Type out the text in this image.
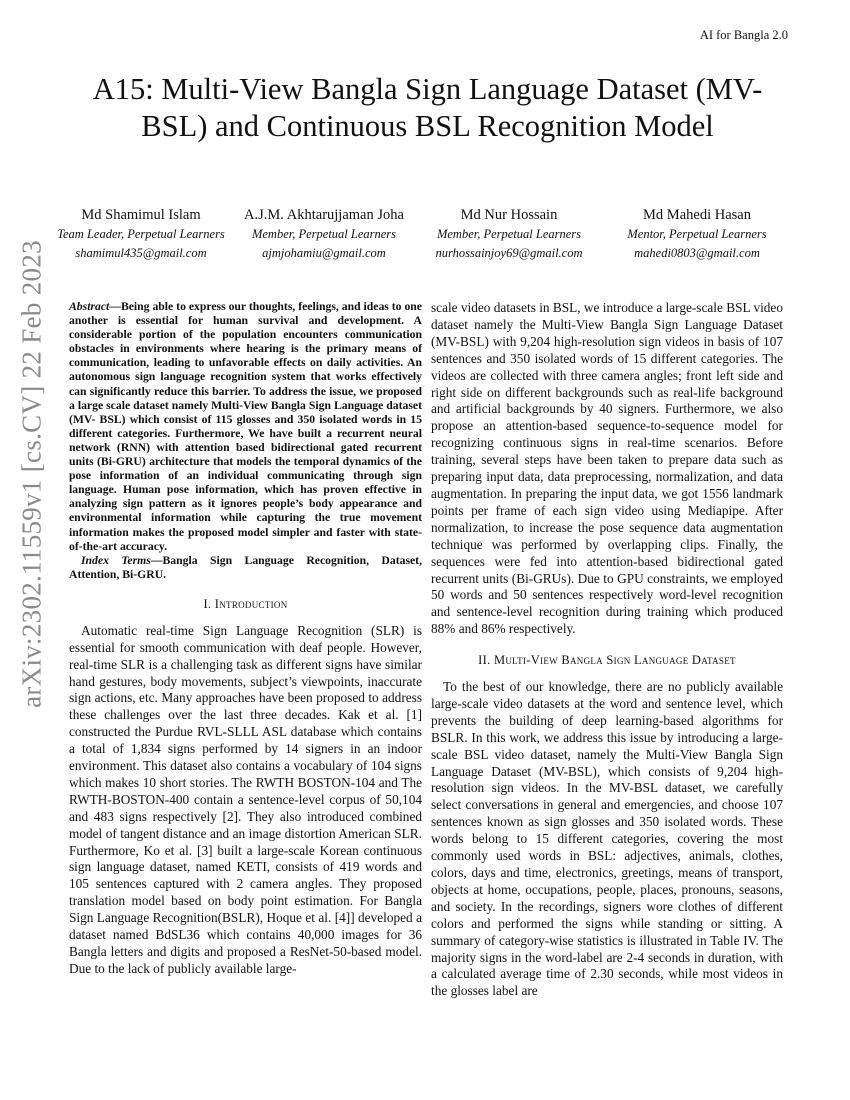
AI for Bangla 2.0
arXiv:2302.11559v1 [cs.CV] 22 Feb 2023
A15: Multi-View Bangla Sign Language Dataset (MV- BSL) and Continuous BSL Recognition Model
Md Shamimul Islam
Team Leader, Perpetual Learners
shamimul435@gmail.com
A.J.M. Akhtarujjaman Joha
Member, Perpetual Learners
ajmjohamiu@gmail.com
Md Nur Hossain
Member, Perpetual Learners
nurhossainjoy69@gmail.com
Md Mahedi Hasan
Mentor, Perpetual Learners
mahedi0803@gmail.com

Abstract—Being able to express our thoughts, feelings, and ideas to one another is essential for human survival and development. A considerable portion of the population encounters communication obstacles in environments where hearing is the primary means of communication, leading to unfavorable effects on daily activities. An autonomous sign language recognition system that works effectively can significantly reduce this barrier. To address the issue, we proposed a large scale dataset namely Multi-View Bangla Sign Language dataset (MV- BSL) which consist of 115 glosses and 350 isolated words in 15 different categories. Furthermore, We have built a recurrent neural network (RNN) with attention based bidirectional gated recurrent units (Bi-GRU) architecture that models the temporal dynamics of the pose information of an individual communicating through sign language. Human pose information, which has proven effective in analyzing sign pattern as it ignores people’s body appearance and environmental information while capturing the true movement information makes the proposed model simpler and faster with state-of-the-art accuracy.

Index Terms—Bangla Sign Language Recognition, Dataset, Attention, Bi-GRU.

I. Introduction

Automatic real-time Sign Language Recognition (SLR) is essential for smooth communication with deaf people. However, real-time SLR is a challenging task as different signs have similar hand gestures, body movements, subject’s viewpoints, inaccurate sign actions, etc. Many approaches have been proposed to address these challenges over the last three decades. Kak et al. [1] constructed the Purdue RVL-SLLL ASL database which contains a total of 1,834 signs performed by 14 signers in an indoor environment. This dataset also contains a vocabulary of 104 signs which makes 10 short stories. The RWTH BOSTON-104 and The RWTH-BOSTON-400 contain a sentence-level corpus of 50,104 and 483 signs respectively [2]. They also introduced combined model of tangent distance and an image distortion American SLR. Furthermore, Ko et al. [3] built a large-scale Korean continuous sign language dataset, named KETI, consists of 419 words and 105 sentences captured with 2 camera angles. They proposed translation model based on body point estimation. For Bangla Sign Language Recognition(BSLR), Hoque et al. [4]] developed a dataset named BdSL36 which contains 40,000 images for 36 Bangla letters and digits and proposed a ResNet-50-based model. Due to the lack of publicly available large-

scale video datasets in BSL, we introduce a large-scale BSL video dataset namely the Multi-View Bangla Sign Language Dataset (MV-BSL) with 9,204 high-resolution sign videos in basis of 107 sentences and 350 isolated words of 15 different categories. The videos are collected with three camera angles; front left side and right side on different backgrounds such as real-life background and artificial backgrounds by 40 signers. Furthermore, we also propose an attention-based sequence-to-sequence model for recognizing continuous signs in real-time scenarios. Before training, several steps have been taken to prepare data such as preparing input data, data preprocessing, normalization, and data augmentation. In preparing the input data, we got 1556 landmark points per frame of each sign video using Mediapipe. After normalization, to increase the pose sequence data augmentation technique was performed by overlapping clips. Finally, the sequences were fed into attention-based bidirectional gated recurrent units (Bi-GRUs). Due to GPU constraints, we employed 50 words and 50 sentences respectively word-level recognition and sentence-level recognition during training which produced 88% and 86% respectively.

II. Multi-View Bangla Sign Language Dataset

To the best of our knowledge, there are no publicly available large-scale video datasets at the word and sentence level, which prevents the building of deep learning-based algorithms for BSLR. In this work, we address this issue by introducing a large-scale BSL video dataset, namely the Multi-View Bangla Sign Language Dataset (MV-BSL), which consists of 9,204 high-resolution sign videos. In the MV-BSL dataset, we carefully select conversations in general and emergencies, and choose 107 sentences known as sign glosses and 350 isolated words. These words belong to 15 different categories, covering the most commonly used words in BSL: adjectives, animals, clothes, colors, days and time, electronics, greetings, means of transport, objects at home, occupations, people, places, pronouns, seasons, and society. In the recordings, signers wore clothes of different colors and performed the signs while standing or sitting. A summary of category-wise statistics is illustrated in Table IV. The majority signs in the word-label are 2-4 seconds in duration, with a calculated average time of 2.30 seconds, while most videos in the glosses label are
